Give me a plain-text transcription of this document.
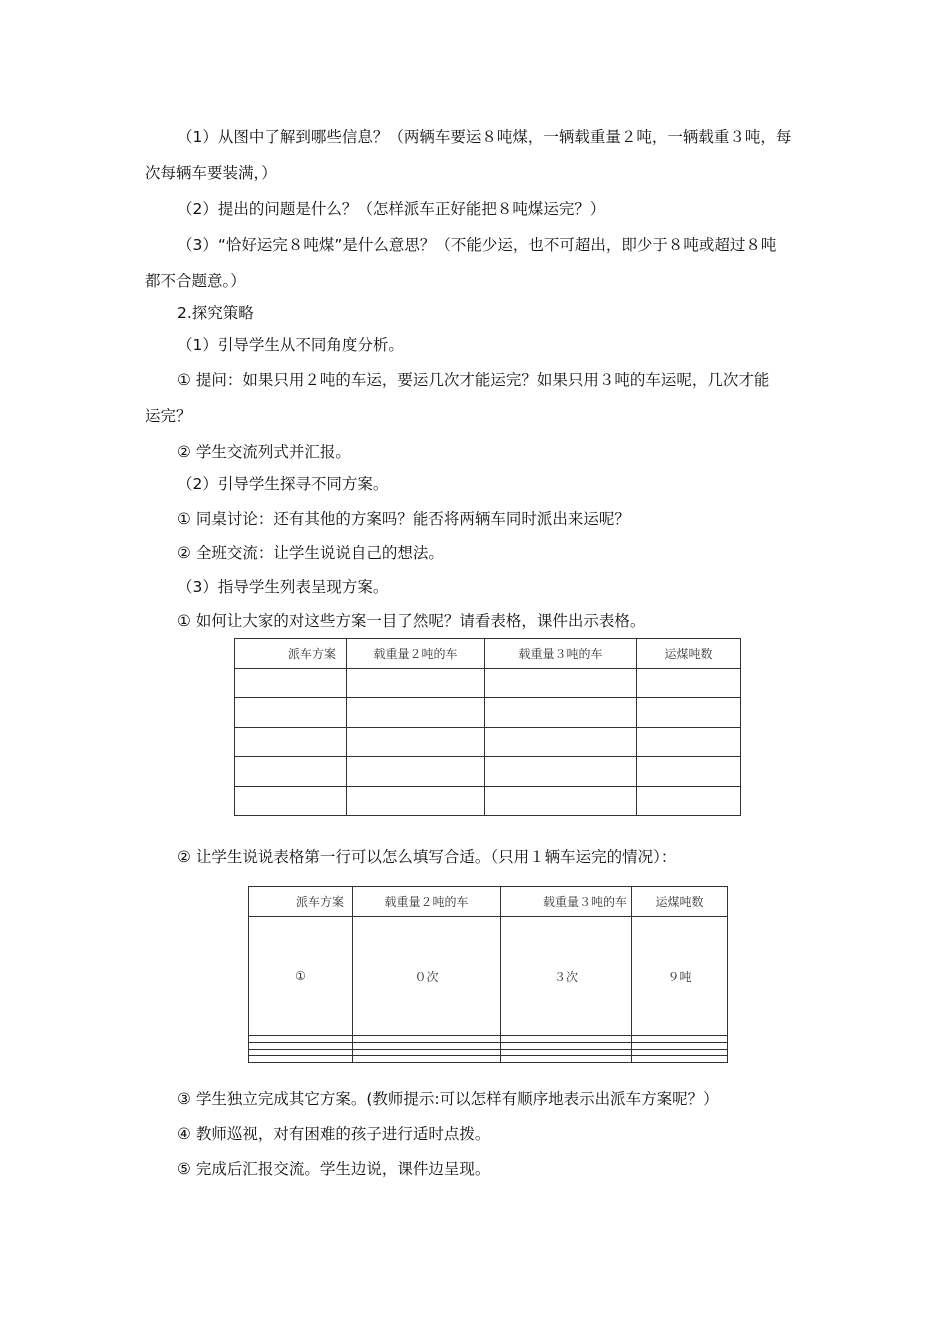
（1）从图中了解到哪些信息？（两辆车要运８吨煤，一辆载重量２吨，一辆载重３吨，每

次每辆车要装满，）

（2）提出的问题是什么？（怎样派车正好能把８吨煤运完？）

（3）“恰好运完８吨煤”是什么意思？（不能少运，也不可超出，即少于８吨或超过８吨

都不合题意。）

2.探究策略

（1）引导学生从不同角度分析。

① 提问：如果只用２吨的车运，要运几次才能运完？如果只用３吨的车运呢，几次才能

运完？

② 学生交流列式并汇报。

（2）引导学生探寻不同方案。

① 同桌讨论：还有其他的方案吗？能否将两辆车同时派出来运呢？

② 全班交流：让学生说说自己的想法。

（3）指导学生列表呈现方案。

① 如何让大家的对这些方案一目了然呢？请看表格，课件出示表格。

派车方案	载重量２吨的车	载重量３吨的车	运煤吨数

② 让学生说说表格第一行可以怎么填写合适。（只用１辆车运完的情况）：

派车方案	载重量２吨的车	载重量３吨的车	运煤吨数
①	０次	３次	９吨

③ 学生独立完成其它方案。(教师提示:可以怎样有顺序地表示出派车方案呢？）

④ 教师巡视，对有困难的孩子进行适时点拨。

⑤ 完成后汇报交流。学生边说，课件边呈现。
